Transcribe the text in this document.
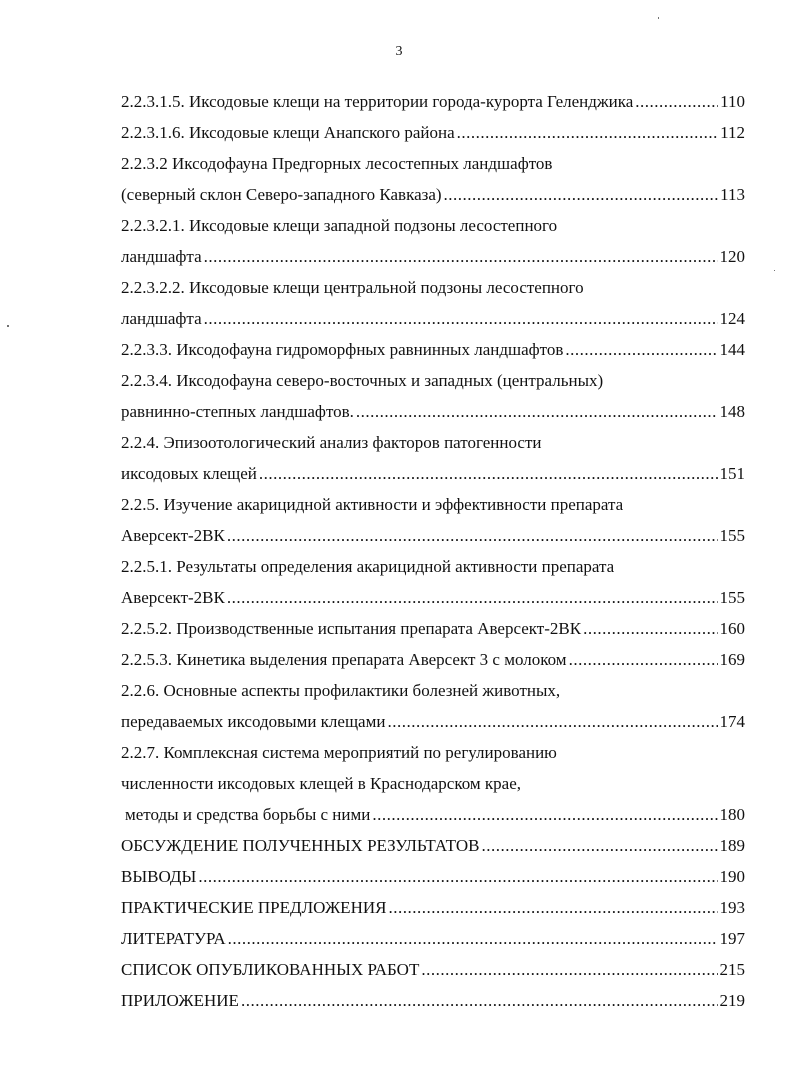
3
2.2.3.1.5. Иксодовые клещи на территории города-курорта Геленджика .....	110
2.2.3.1.6. Иксодовые клещи Анапского района .....	112
2.2.3.2 Иксодофауна Предгорных лесостепных ландшафтов
(северный склон Северо-западного Кавказа) .....	113
2.2.3.2.1. Иксодовые клещи западной подзоны лесостепного
ландшафта .....	120
2.2.3.2.2. Иксодовые клещи центральной подзоны лесостепного
ландшафта .....	124
2.2.3.3. Иксодофауна гидроморфных равнинных ландшафтов .....	144
2.2.3.4. Иксодофауна северо-восточных и западных (центральных)
равнинно-степных ландшафтов. .....	148
2.2.4. Эпизоотологический анализ факторов патогенности
иксодовых клещей .....	151
2.2.5. Изучение акарицидной активности и эффективности препарата
Аверсект-2ВК .....	155
2.2.5.1. Результаты определения акарицидной активности препарата
Аверсект-2ВК .....	155
2.2.5.2. Производственные испытания препарата Аверсект-2ВК .....	160
2.2.5.3. Кинетика выделения препарата Аверсект 3 с молоком .....	169
2.2.6. Основные аспекты профилактики болезней животных,
передаваемых иксодовыми клещами .....	174
2.2.7. Комплексная система мероприятий по регулированию
численности иксодовых клещей в Краснодарском крае,
методы и средства борьбы с ними .....	180
ОБСУЖДЕНИЕ ПОЛУЧЕННЫХ РЕЗУЛЬТАТОВ .....	189
ВЫВОДЫ .....	190
ПРАКТИЧЕСКИЕ ПРЕДЛОЖЕНИЯ .....	193
ЛИТЕРАТУРА .....	197
СПИСОК ОПУБЛИКОВАННЫХ РАБОТ .....	215
ПРИЛОЖЕНИЕ .....	219
